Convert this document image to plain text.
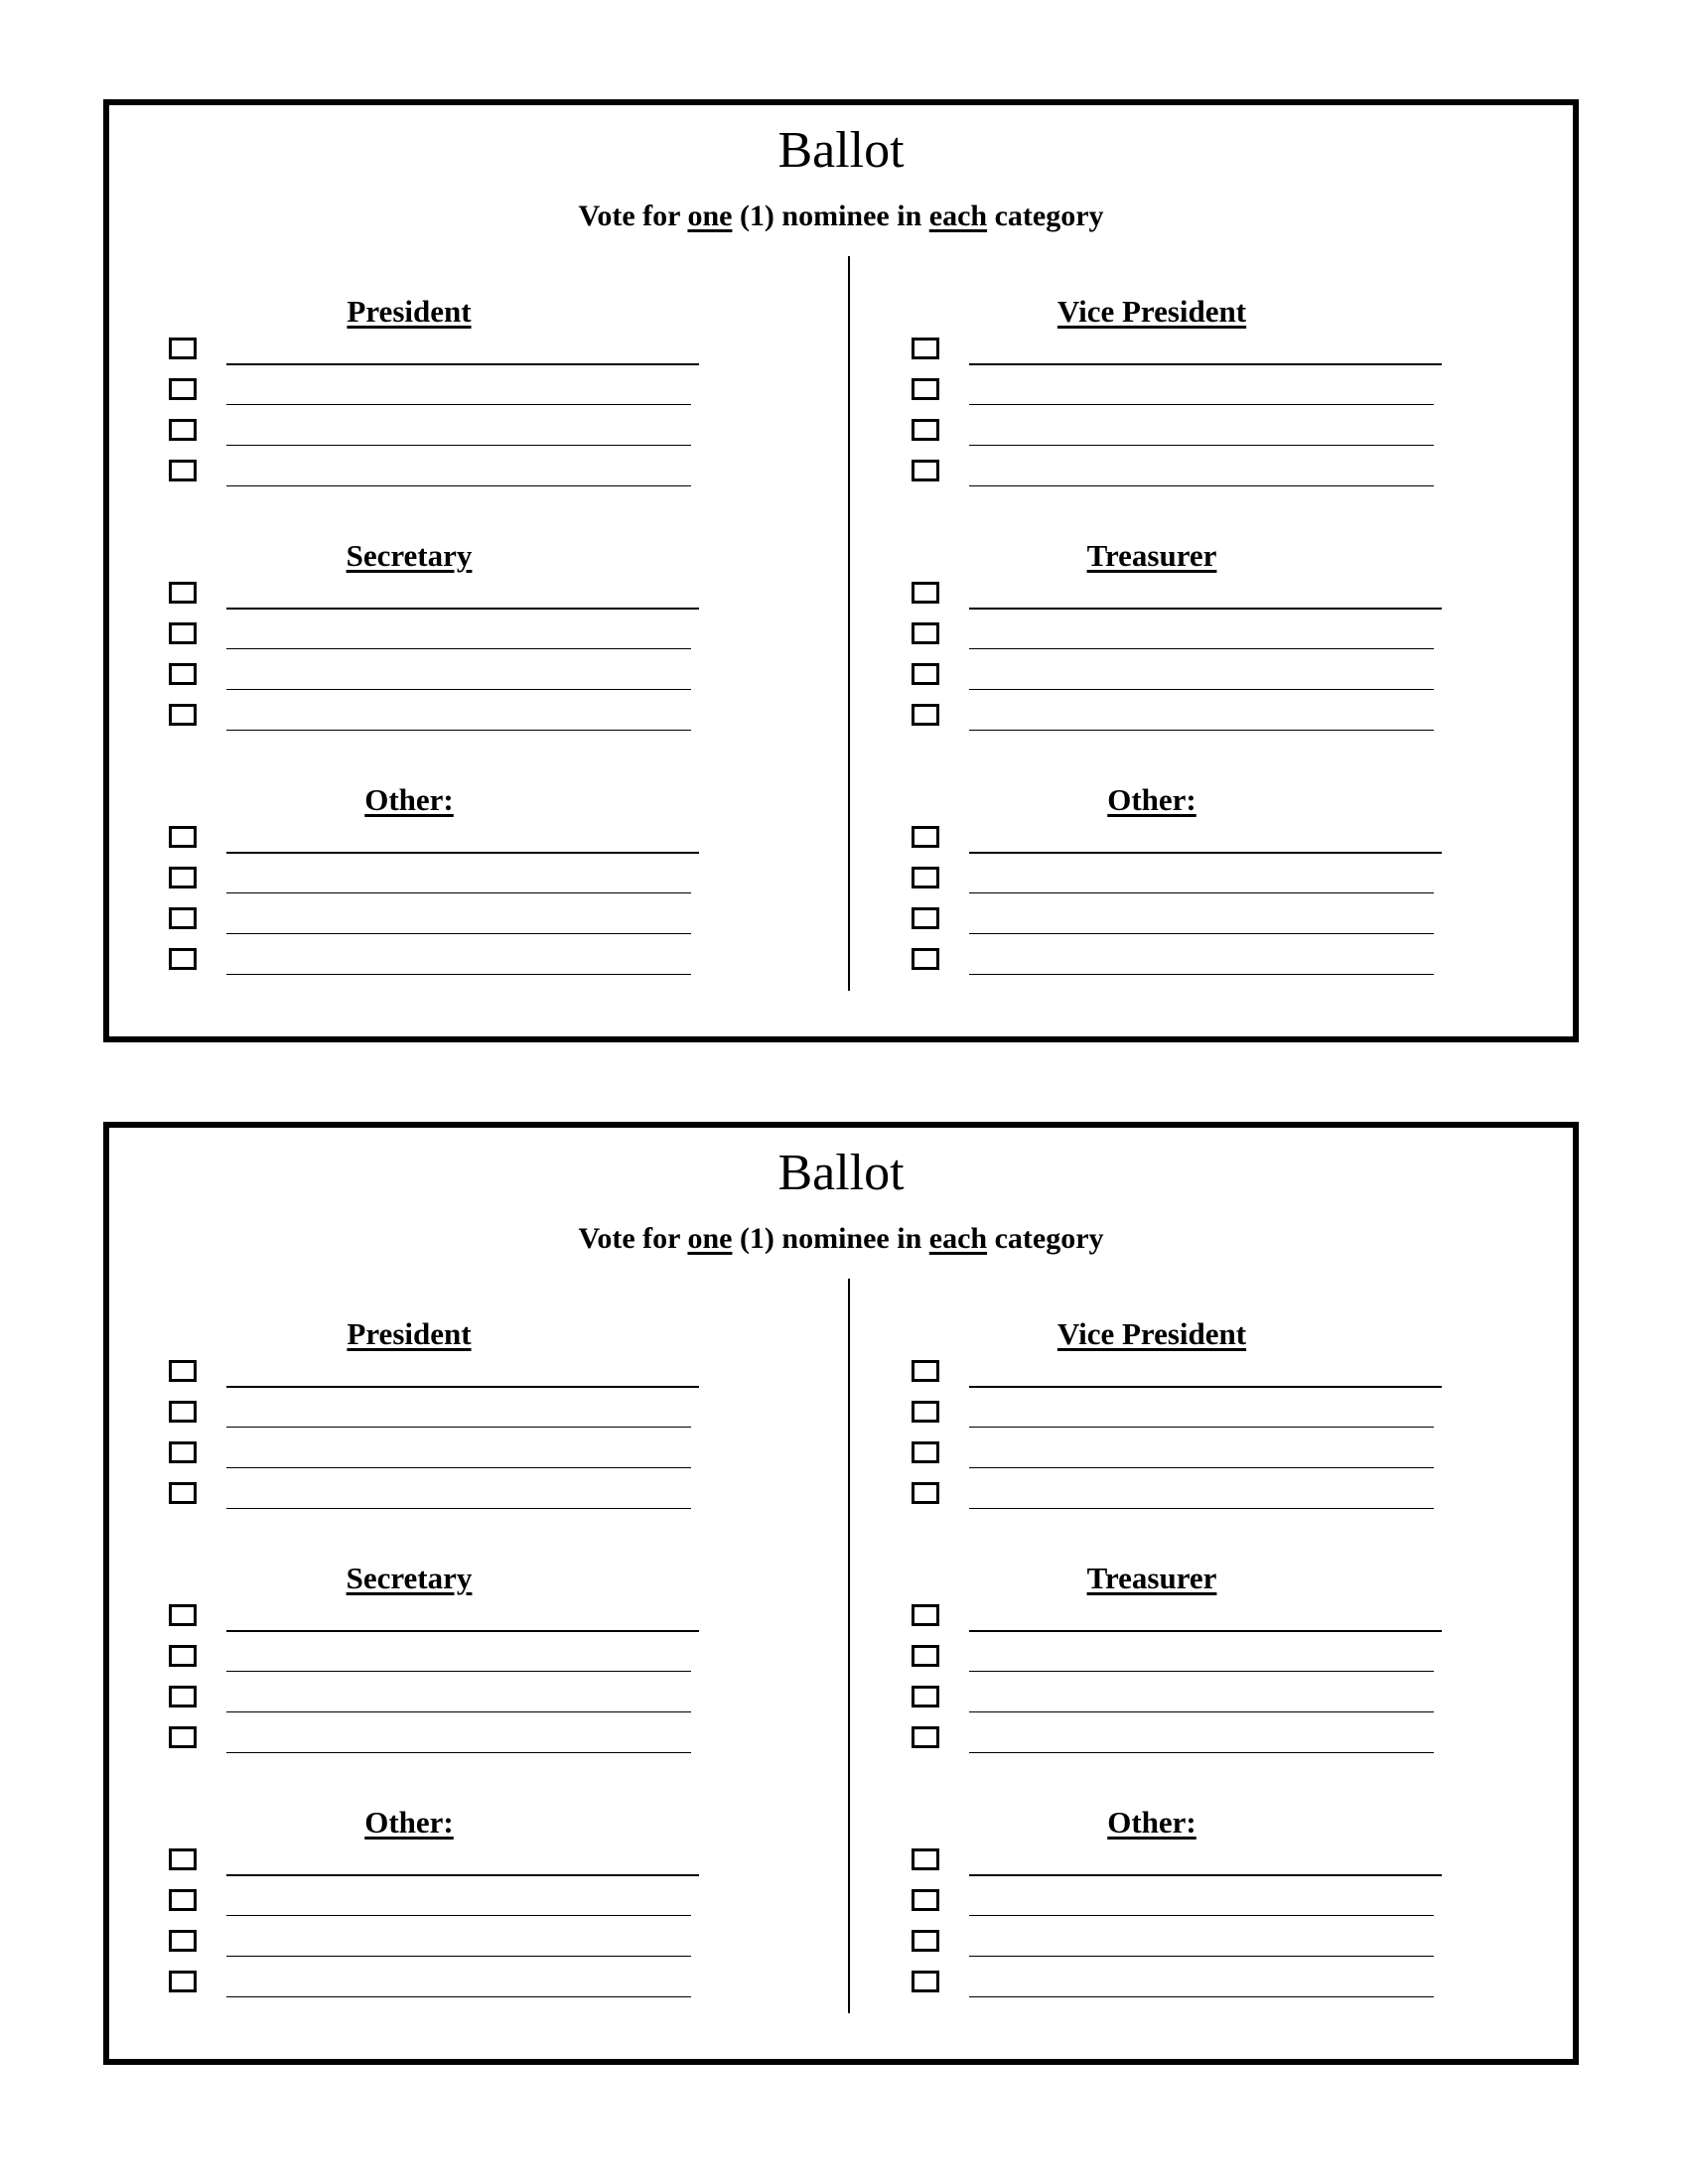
Ballot
Vote for one (1) nominee in each category
President	Vice President
Secretary	Treasurer
Other:	Other:
Ballot
Vote for one (1) nominee in each category
President	Vice President
Secretary	Treasurer
Other:	Other:
